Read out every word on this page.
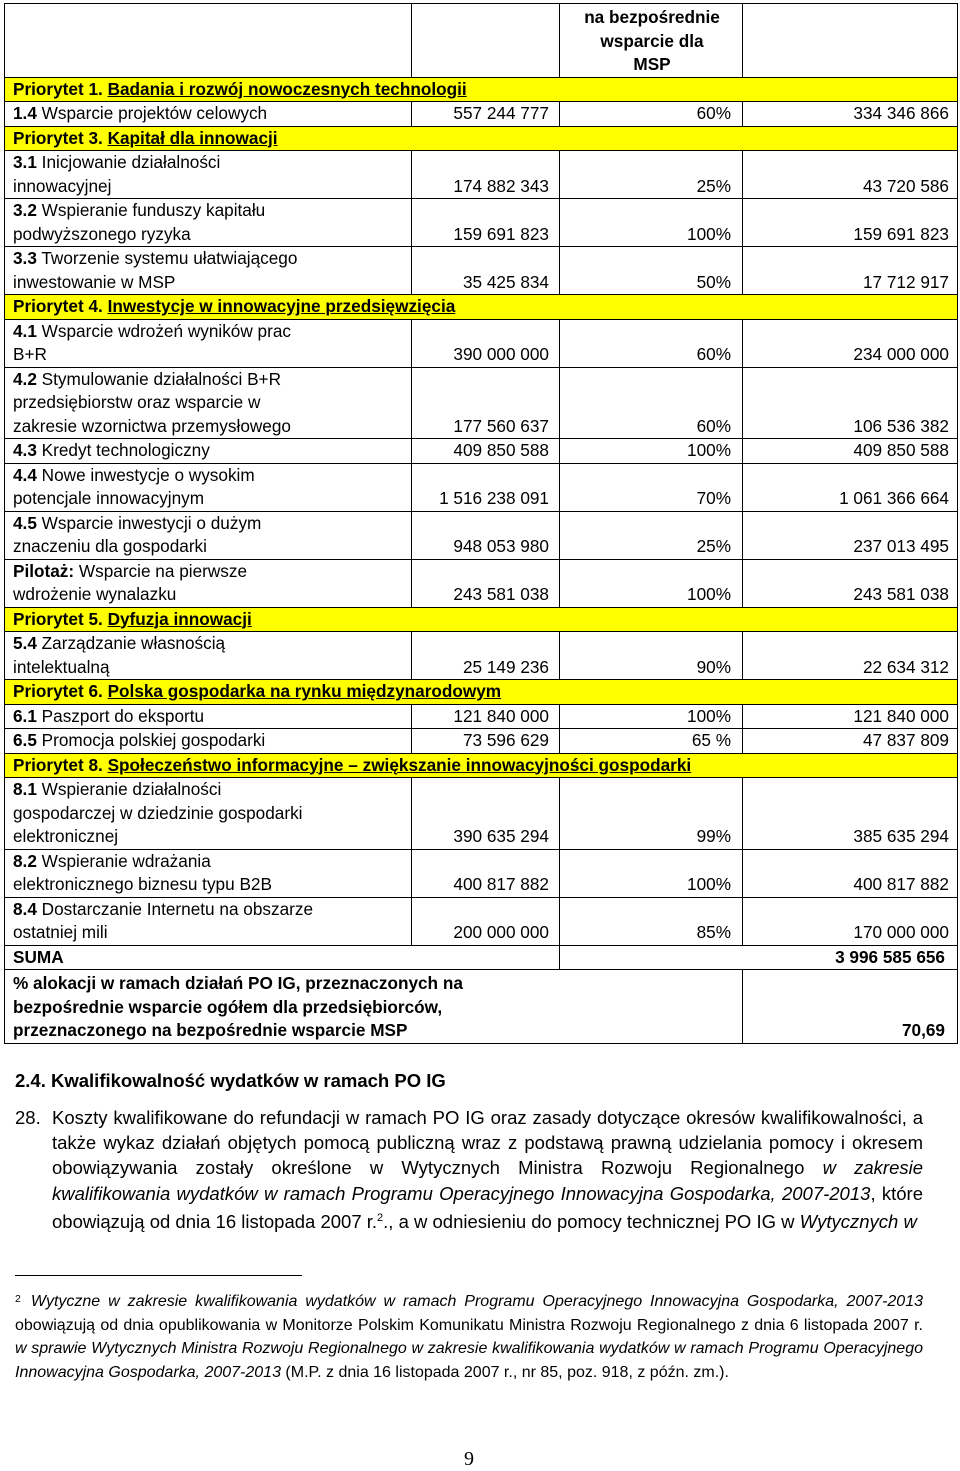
		na bezpośrednie
wsparcie dla
MSP	

Priorytet 1. Badania i rozwój nowoczesnych technologii			

1.4 Wsparcie projektów celowych	557 244 777	60%	334 346 866
Priorytet 3. Kapitał dla innowacji			

3.1 Inicjowanie działalności
innowacyjnej	174 882 343	25%	43 720 586

3.2 Wspieranie funduszy kapitału
podwyższonego ryzyka	159 691 823	100%	159 691 823

3.3 Tworzenie systemu ułatwiającego
inwestowanie w MSP	35 425 834	50%	17 712 917
Priorytet 4. Inwestycje w innowacyjne przedsięwzięcia			

4.1 Wsparcie wdrożeń wyników prac
B+R	390 000 000	60%	234 000 000

4.2 Stymulowanie działalności B+R
przedsiębiorstw oraz wsparcie w
zakresie wzornictwa przemysłowego	177 560 637	60%	106 536 382

4.3 Kredyt technologiczny	409 850 588	100%	409 850 588

4.4 Nowe inwestycje o wysokim
potencjale innowacyjnym	1 516 238 091	70%	1 061 366 664

4.5 Wsparcie inwestycji o dużym
znaczeniu dla gospodarki	948 053 980	25%	237 013 495

Pilotaż: Wsparcie na pierwsze
wdrożenie wynalazku	243 581 038	100%	243 581 038
Priorytet 5. Dyfuzja innowacji			

5.4 Zarządzanie własnością
intelektualną	25 149 236	90%	22 634 312
Priorytet 6. Polska gospodarka na rynku międzynarodowym			

6.1 Paszport do eksportu	121 840 000	100%	121 840 000

6.5 Promocja polskiej gospodarki	73 596 629	65 %	47 837 809
Priorytet 8. Społeczeństwo informacyjne – zwiększanie innowacyjności gospodarki			

8.1 Wspieranie działalności
gospodarczej w dziedzinie gospodarki
elektronicznej	390 635 294	99%	385 635 294

8.2 Wspieranie wdrażania
elektronicznego biznesu typu B2B	400 817 882	100%	400 817 882

8.4 Dostarczanie Internetu na obszarze
ostatniej mili	200 000 000	85%	170 000 000
SUMA		3 996 585 656	

% alokacji w ramach działań PO IG, przeznaczonych na
bezpośrednie wsparcie ogółem dla przedsiębiorców,
przeznaczonego na bezpośrednie wsparcie MSP			70,69
2.4. Kwalifikowalność wydatków w ramach PO IG
28. Koszty kwalifikowane do refundacji w ramach PO IG oraz zasady dotyczące okresów kwalifikowalności, a także wykaz działań objętych pomocą publiczną wraz z podstawą prawną udzielania pomocy i okresem obowiązywania zostały określone w Wytycznych Ministra Rozwoju Regionalnego w zakresie kwalifikowania wydatków w ramach Programu Operacyjnego Innowacyjna Gospodarka, 2007-2013, które obowiązują od dnia 16 listopada 2007 r.$^2$., a w odniesieniu do pomocy technicznej PO IG w Wytycznych w
$^2$ Wytyczne w zakresie kwalifikowania wydatków w ramach Programu Operacyjnego Innowacyjna Gospodarka, 2007-2013 obowiązują od dnia opublikowania w Monitorze Polskim Komunikatu Ministra Rozwoju Regionalnego z dnia 6 listopada 2007 r. w sprawie Wytycznych Ministra Rozwoju Regionalnego w zakresie kwalifikowania wydatków w ramach Programu Operacyjnego Innowacyjna Gospodarka, 2007-2013 (M.P. z dnia 16 listopada 2007 r., nr 85, poz. 918, z późn. zm.).
9
